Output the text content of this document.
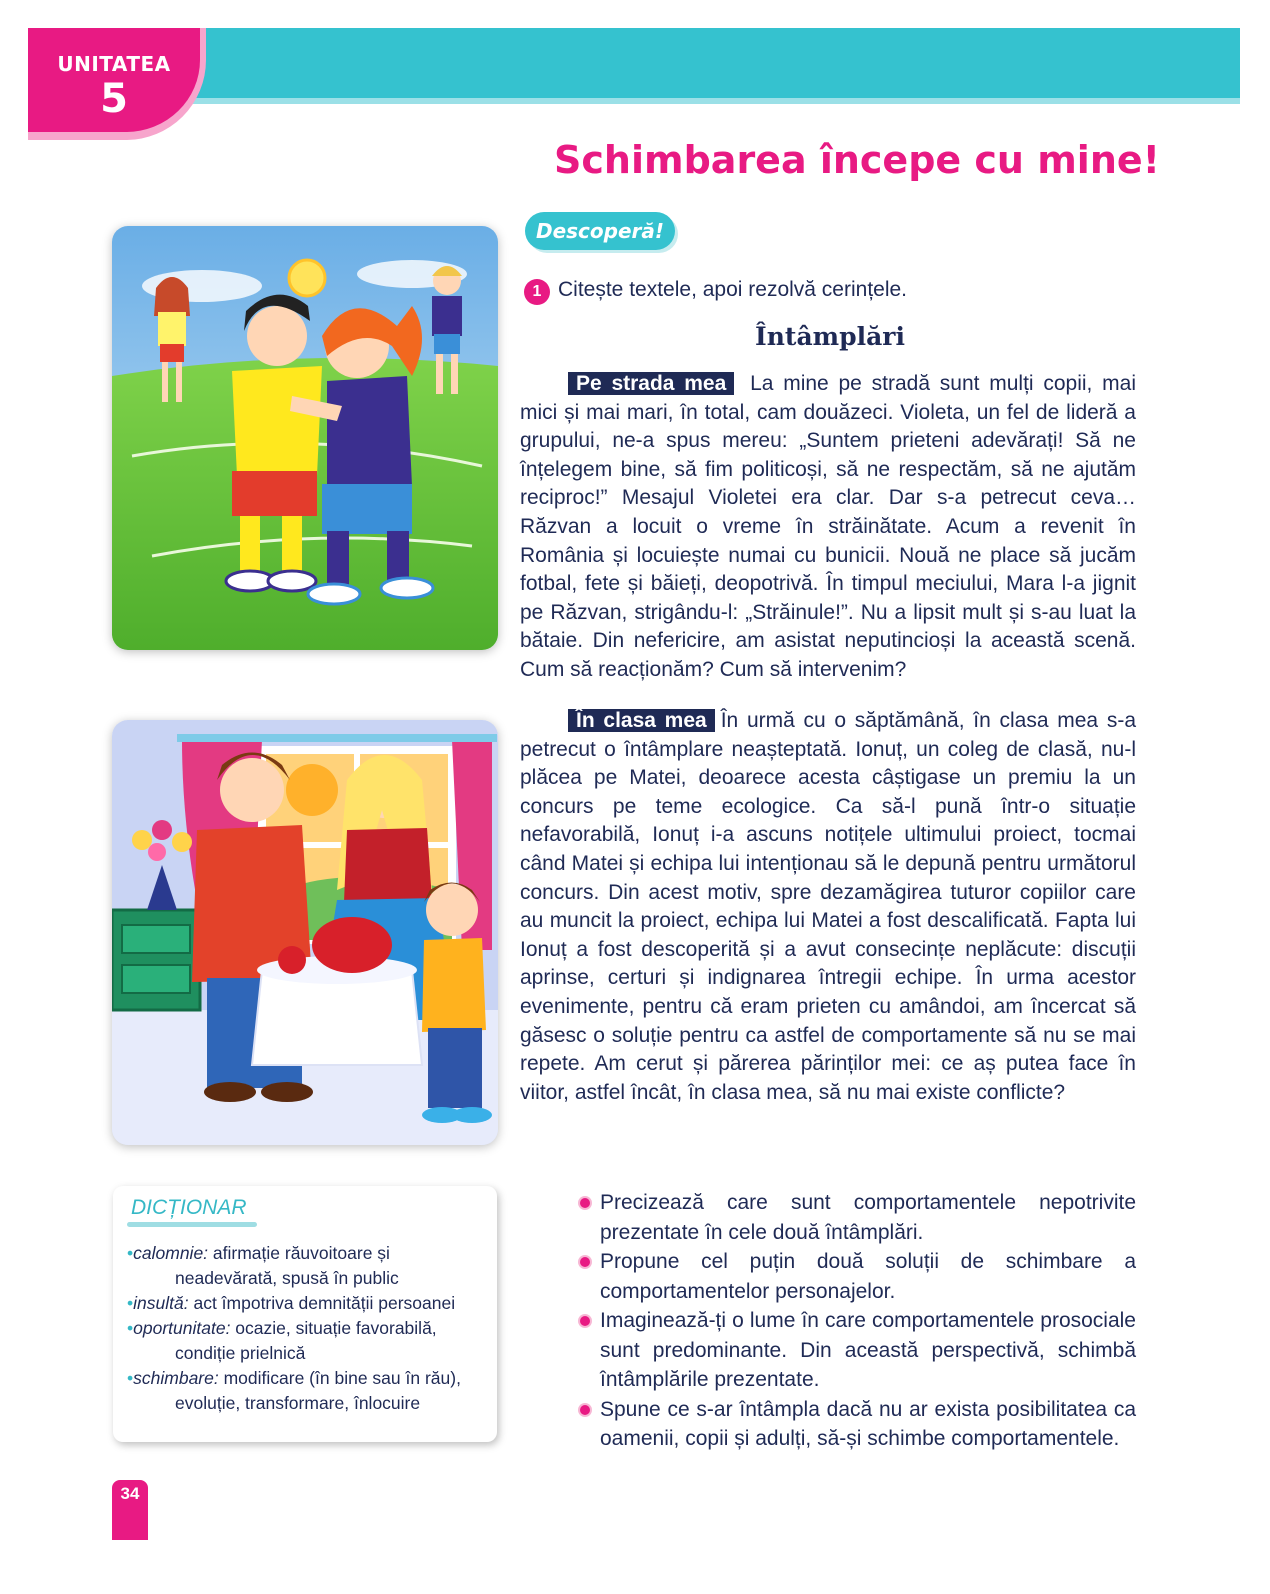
UNITATEA
5
Schimbarea începe cu mine!
Descoperă!
1 Citește textele, apoi rezolvă cerințele.
Întâmplări

Pe strada mea La mine pe stradă sunt mulți copii, mai mici și mai mari, în total, cam douăzeci. Violeta, un fel de lideră a grupului, ne-a spus mereu: „Suntem prieteni adevărați! Să ne înțelegem bine, să fim politicoși, să ne respectăm, să ne ajutăm reciproc!” Mesajul Violetei era clar. Dar s-a petrecut ceva… Răzvan a locuit o vreme în străinătate. Acum a revenit în România și locuiește numai cu bunicii. Nouă ne place să jucăm fotbal, fete și băieți, deopotrivă. În timpul meciului, Mara l-a jignit pe Răzvan, strigându-l: „Străinule!”. Nu a lipsit mult și s-au luat la bătaie. Din nefericire, am asistat neputincioși la această scenă. Cum să reacționăm? Cum să intervenim?

În clasa mea În urmă cu o săptămână, în clasa mea s-a petrecut o întâmplare neașteptată. Ionuț, un coleg de clasă, nu-l plăcea pe Matei, deoarece acesta câștigase un premiu la un concurs pe teme ecologice. Ca să-l pună într-o situație nefavorabilă, Ionuț i-a ascuns notițele ultimului proiect, tocmai când Matei și echipa lui intenționau să le depună pentru următorul concurs. Din acest motiv, spre dezamăgirea tuturor copiilor care au muncit la proiect, echipa lui Matei a fost descalificată. Fapta lui Ionuț a fost descoperită și a avut consecințe neplăcute: discuții aprinse, certuri și indignarea întregii echipe. În urma acestor evenimente, pentru că eram prieten cu amândoi, am încercat să găsesc o soluție pentru ca astfel de comportamente să nu se mai repete. Am cerut și părerea părinților mei: ce aș putea face în viitor, astfel încât, în clasa mea, să nu mai existe conflicte?

DICȚIONAR
•calomnie: afirmație răuvoitoare și neadevărată, spusă în public
•insultă: act împotriva demnității persoanei
•oportunitate: ocazie, situație favorabilă, condiție prielnică
•schimbare: modificare (în bine sau în rău), evoluție, transformare, înlocuire
Precizează care sunt comportamentele nepotrivite prezentate în cele două întâmplări.
Propune cel puțin două soluții de schimbare a comportamentelor personajelor.
Imaginează-ți o lume în care comportamentele prosociale sunt predominante. Din această perspectivă, schimbă întâmplările prezentate.
Spune ce s-ar întâmpla dacă nu ar exista posibilitatea ca oamenii, copii și adulți, să-și schimbe comportamentele.
34
